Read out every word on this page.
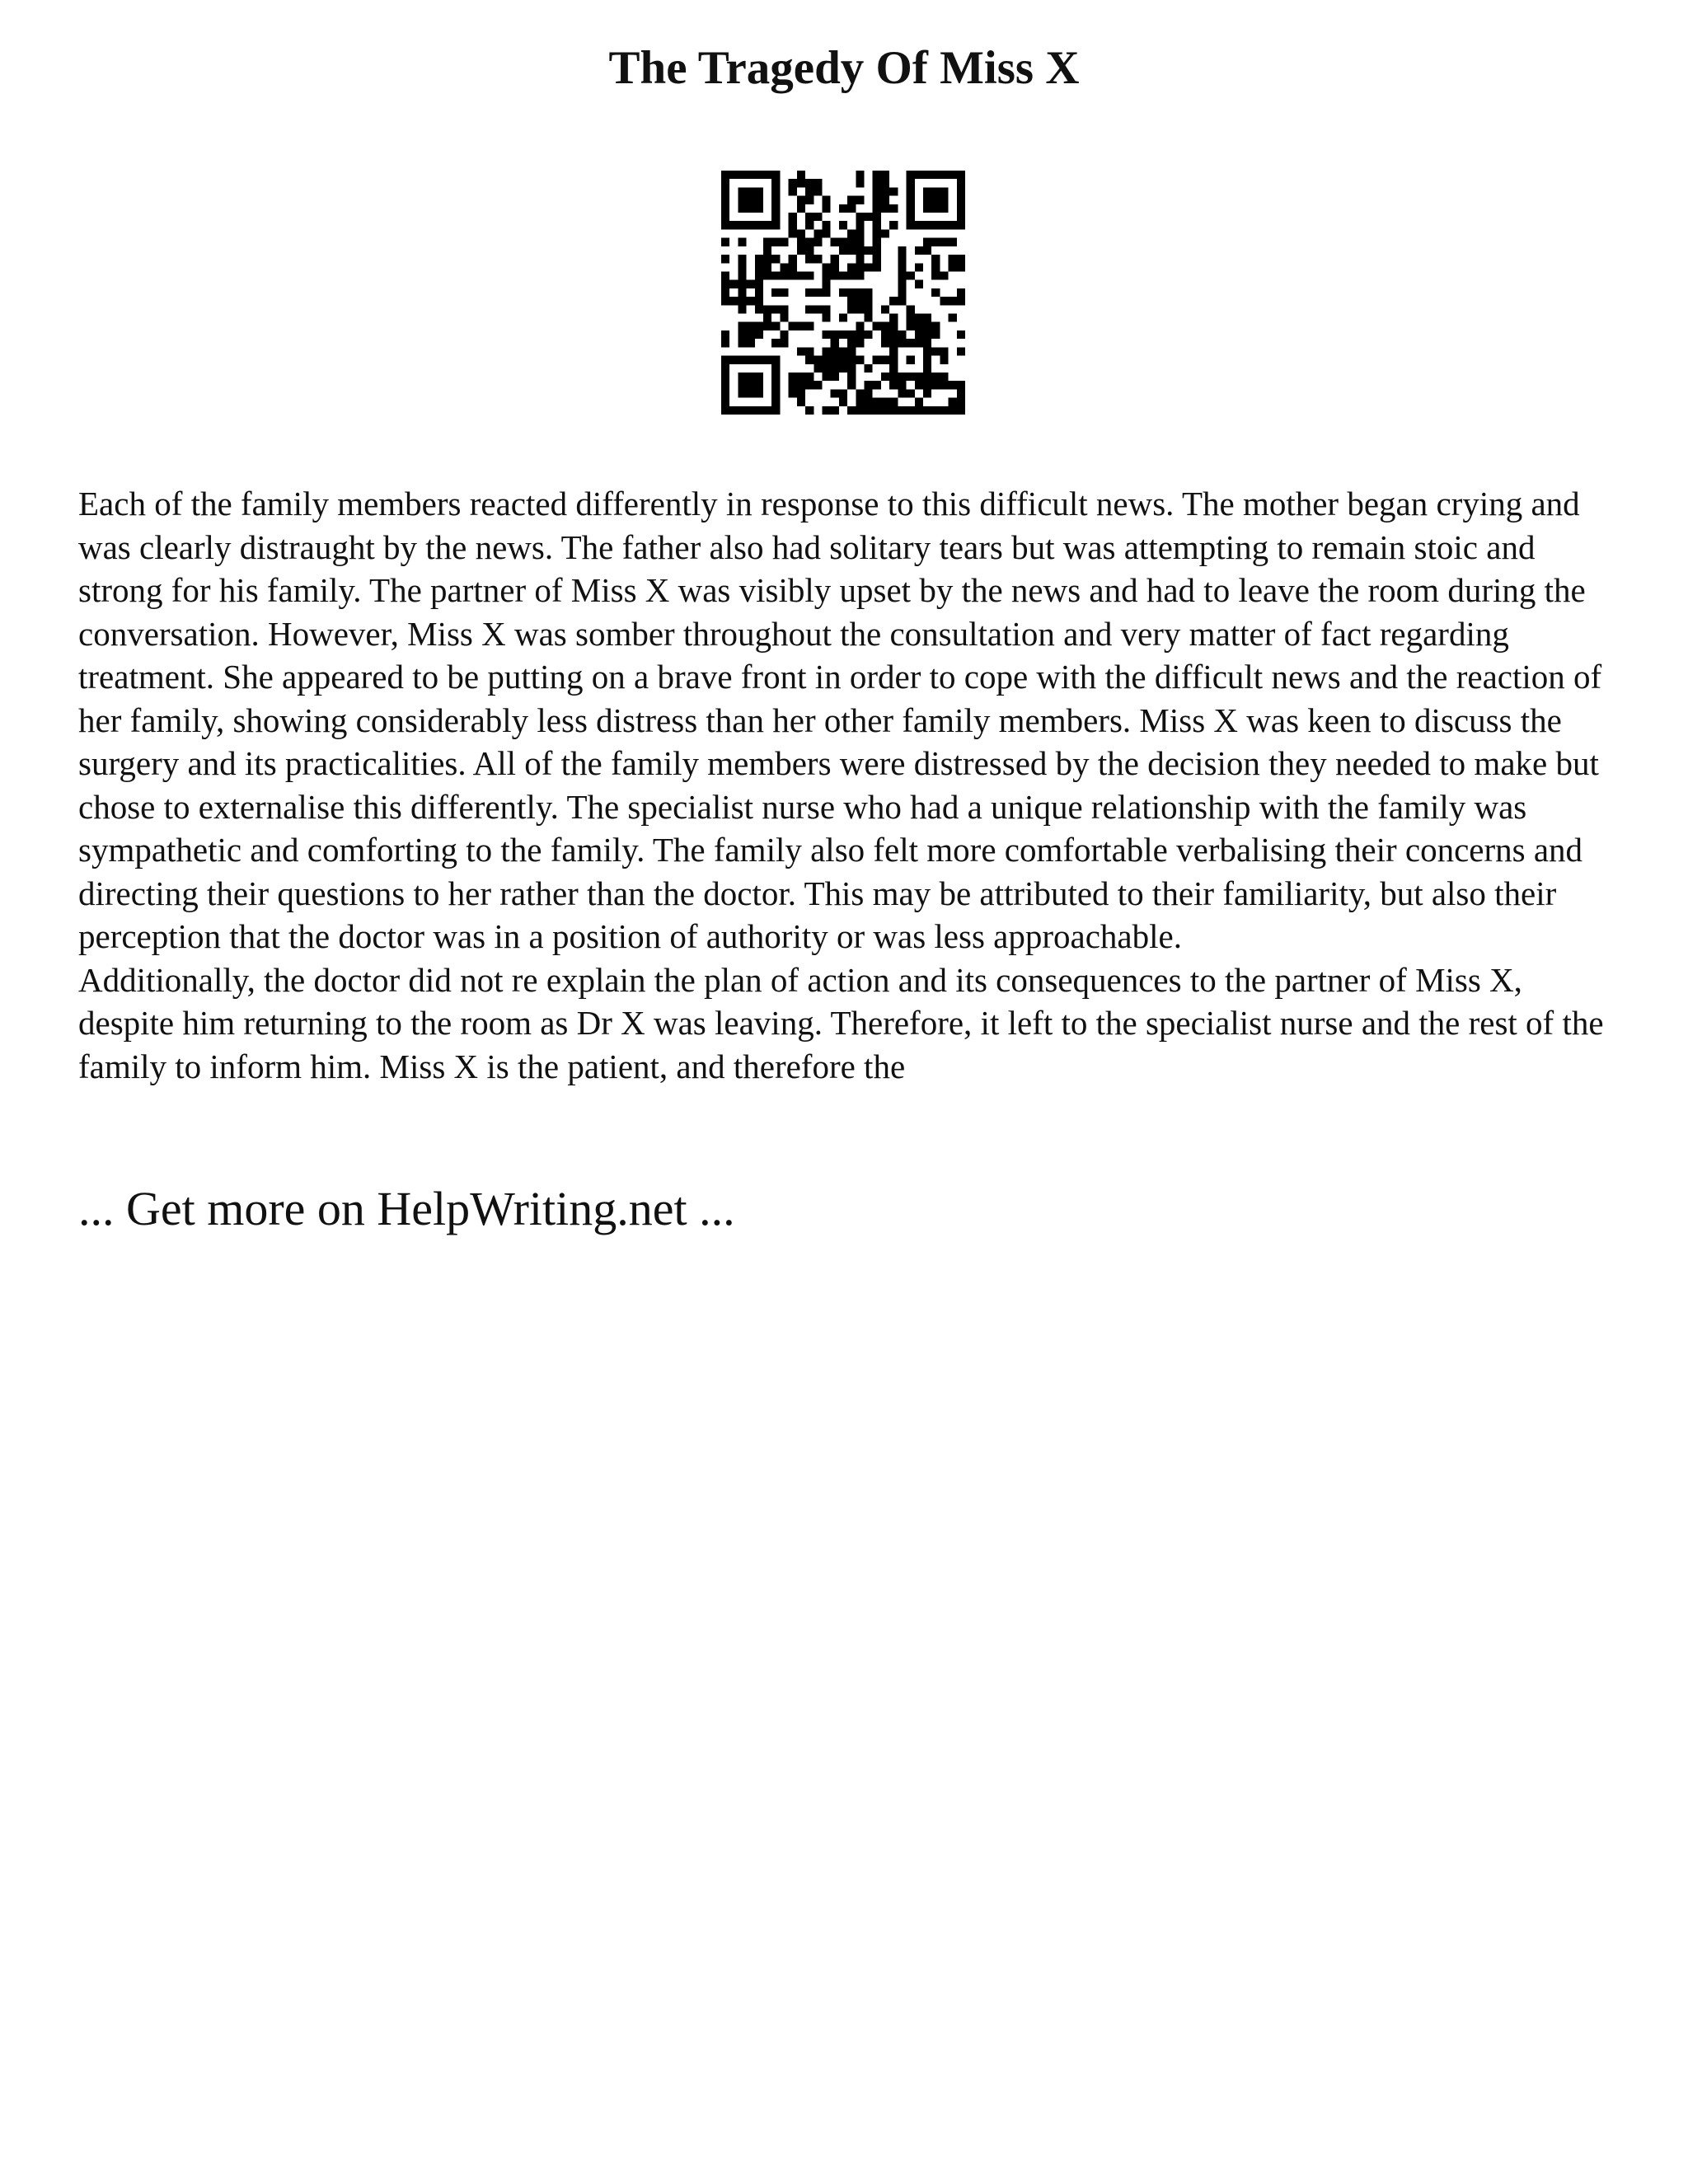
The Tragedy Of Miss X

Each of the family members reacted differently in response to this difficult news. The mother began crying and was clearly distraught by the news. The father also had solitary tears but was attempting to remain stoic and strong for his family. The partner of Miss X was visibly upset by the news and had to leave the room during the conversation. However, Miss X was somber throughout the consultation and very matter of fact regarding treatment. She appeared to be putting on a brave front in order to cope with the difficult news and the reaction of her family, showing considerably less distress than her other family members. Miss X was keen to discuss the surgery and its practicalities. All of the family members were distressed by the decision they needed to make but chose to externalise this differently. The specialist nurse who had a unique relationship with the family was sympathetic and comforting to the family. The family also felt more comfortable verbalising their concerns and directing their questions to her rather than the doctor. This may be attributed to their familiarity, but also their perception that the doctor was in a position of authority or was less approachable.

Additionally, the doctor did not re explain the plan of action and its consequences to the partner of Miss X, despite him returning to the room as Dr X was leaving. Therefore, it left to the specialist nurse and the rest of the family to inform him. Miss X is the patient, and therefore the

... Get more on HelpWriting.net ...
